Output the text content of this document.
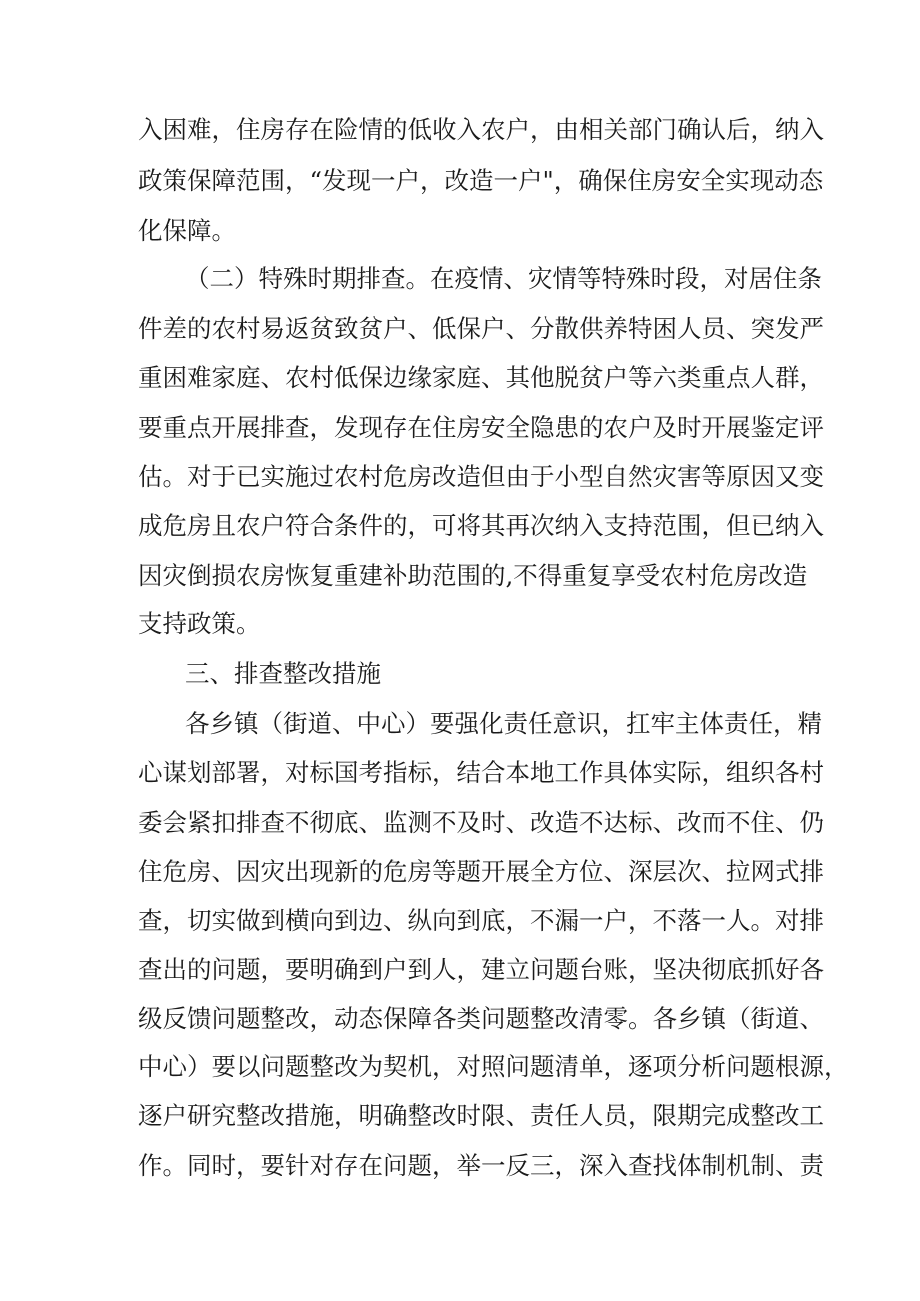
入困难，住房存在险情的低收入农户，由相关部门确认后，纳入
政策保障范围，“发现一户，改造一户"，确保住房安全实现动态
化保障。
（二）特殊时期排查。在疫情、灾情等特殊时段，对居住条
件差的农村易返贫致贫户、低保户、分散供养特困人员、突发严
重困难家庭、农村低保边缘家庭、其他脱贫户等六类重点人群，
要重点开展排查，发现存在住房安全隐患的农户及时开展鉴定评
估。对于已实施过农村危房改造但由于小型自然灾害等原因又变
成危房且农户符合条件的，可将其再次纳入支持范围，但已纳入
因灾倒损农房恢复重建补助范围的,不得重复享受农村危房改造
支持政策。
三、排查整改措施
各乡镇（街道、中心）要强化责任意识，扛牢主体责任，精
心谋划部署，对标国考指标，结合本地工作具体实际，组织各村
委会紧扣排查不彻底、监测不及时、改造不达标、改而不住、仍
住危房、因灾出现新的危房等题开展全方位、深层次、拉网式排
查，切实做到横向到边、纵向到底，不漏一户，不落一人。对排
查出的问题，要明确到户到人，建立问题台账，坚决彻底抓好各
级反馈问题整改，动态保障各类问题整改清零。各乡镇（街道、
中心）要以问题整改为契机，对照问题清单，逐项分析问题根源，
逐户研究整改措施，明确整改时限、责任人员，限期完成整改工
作。同时，要针对存在问题，举一反三，深入查找体制机制、责
